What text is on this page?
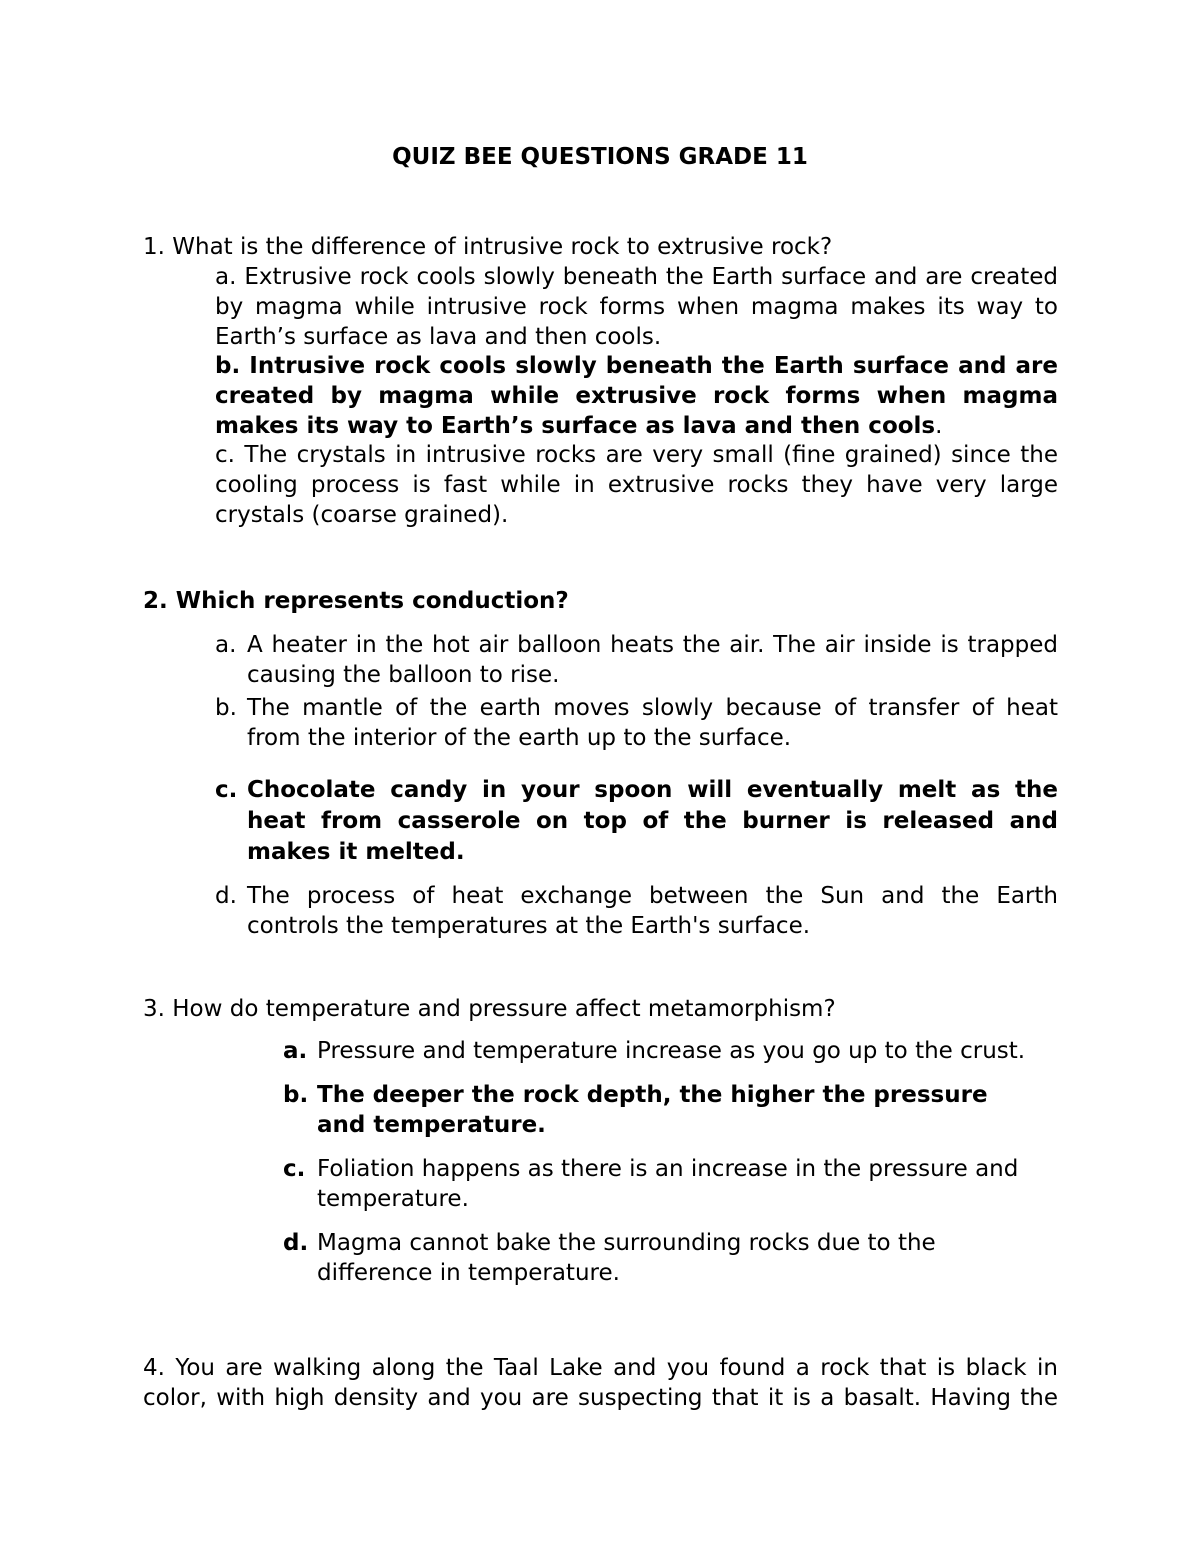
QUIZ BEE QUESTIONS GRADE 11
1. What is the difference of intrusive rock to extrusive rock?
a. Extrusive rock cools slowly beneath the Earth surface and are created by magma while intrusive rock forms when magma makes its way to Earth’s surface as lava and then cools.
b. Intrusive rock cools slowly beneath the Earth surface and are created by magma while extrusive rock forms when magma makes its way to Earth’s surface as lava and then cools.
c. The crystals in intrusive rocks are very small (fine grained) since the cooling process is fast while in extrusive rocks they have very large crystals (coarse grained).
2. Which represents conduction?
a. A heater in the hot air balloon heats the air. The air inside is trapped causing the balloon to rise.
b. The mantle of the earth moves slowly because of transfer of heat from the interior of the earth up to the surface.
c. Chocolate candy in your spoon will eventually melt as the heat from casserole on top of the burner is released and makes it melted.
d. The process of heat exchange between the Sun and the Earth controls the temperatures at the Earth's surface.
3. How do temperature and pressure affect metamorphism?
a. Pressure and temperature increase as you go up to the crust.
b. The deeper the rock depth, the higher the pressure and temperature.
c. Foliation happens as there is an increase in the pressure and temperature.
d. Magma cannot bake the surrounding rocks due to the difference in temperature.
4. You are walking along the Taal Lake and you found a rock that is black in color, with high density and you are suspecting that it is a basalt. Having the
